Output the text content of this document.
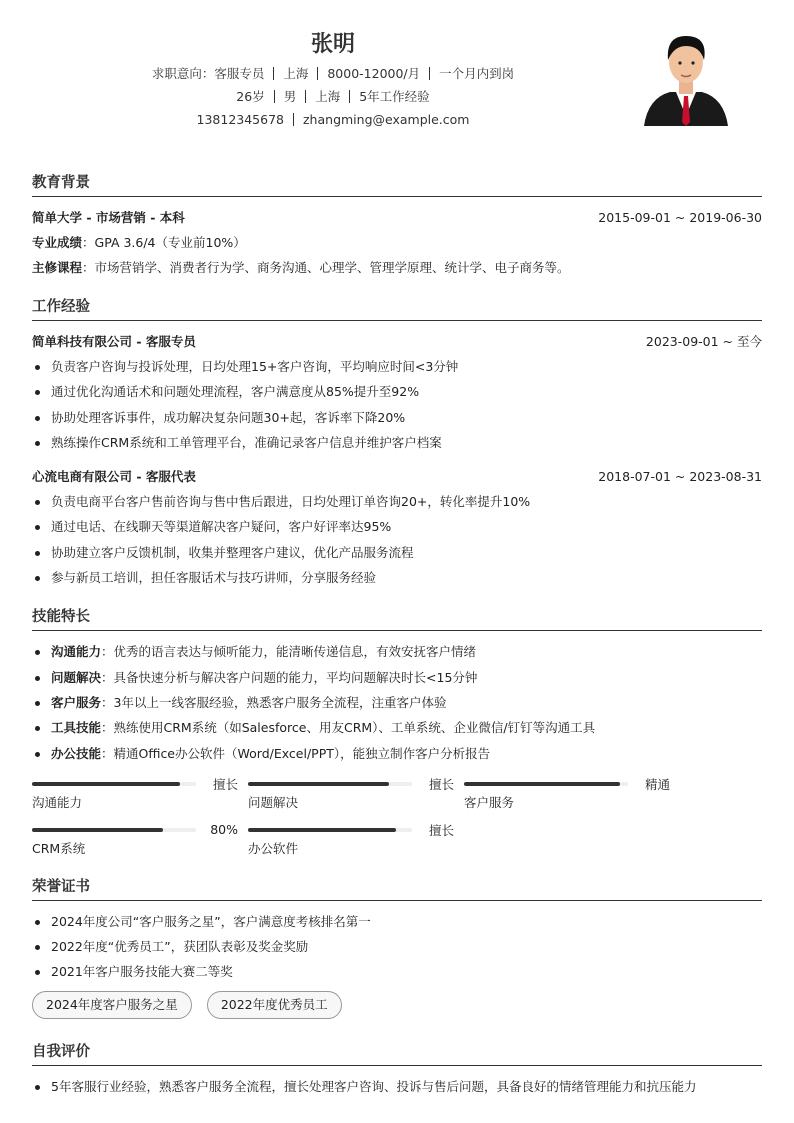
张明
求职意向：客服专员 上海 8000-12000/月 一个月内到岗
26岁 男 上海 5年工作经验
13812345678 zhangming@example.com
教育背景
简单大学 - 市场营销 - 本科	2015-09-01 ~ 2019-06-30
专业成绩 ：GPA 3.6/4（专业前10%）
主修课程 ：市场营销学、消费者行为学、商务沟通、心理学、管理学原理、统计学、电子商务等。
工作经验
简单科技有限公司 - 客服专员	2023-09-01 ~ 至今
负责客户咨询与投诉处理，日均处理15+客户咨询，平均响应时间<3分钟
通过优化沟通话术和问题处理流程，客户满意度从85%提升至92%
协助处理客诉事件，成功解决复杂问题30+起，客诉率下降20%
熟练操作CRM系统和工单管理平台，准确记录客户信息并维护客户档案
心流电商有限公司 - 客服代表	2018-07-01 ~ 2023-08-31
负责电商平台客户售前咨询与售中售后跟进，日均处理订单咨询20+，转化率提升10%
通过电话、在线聊天等渠道解决客户疑问，客户好评率达95%
协助建立客户反馈机制，收集并整理客户建议，优化产品服务流程
参与新员工培训，担任客服话术与技巧讲师，分享服务经验
技能特长
沟通能力：优秀的语言表达与倾听能力，能清晰传递信息，有效安抚客户情绪
问题解决：具备快速分析与解决客户问题的能力，平均问题解决时长<15分钟
客户服务：3年以上一线客服经验，熟悉客户服务全流程，注重客户体验
工具技能：熟练使用CRM系统（如Salesforce、用友CRM）、工单系统、企业微信/钉钉等沟通工具
办公技能：精通Office办公软件（Word/Excel/PPT），能独立制作客户分析报告
擅长
沟通能力
擅长
问题解决
精通
客户服务
80%
CRM系统
擅长
办公软件
荣誉证书
2024年度公司“客户服务之星”，客户满意度考核排名第一
2022年度“优秀员工”，获团队表彰及奖金奖励
2021年客户服务技能大赛二等奖
2024年度客户服务之星	2022年度优秀员工
自我评价
5年客服行业经验，熟悉客户服务全流程，擅长处理客户咨询、投诉与售后问题，具备良好的情绪管理能力和抗压能力
